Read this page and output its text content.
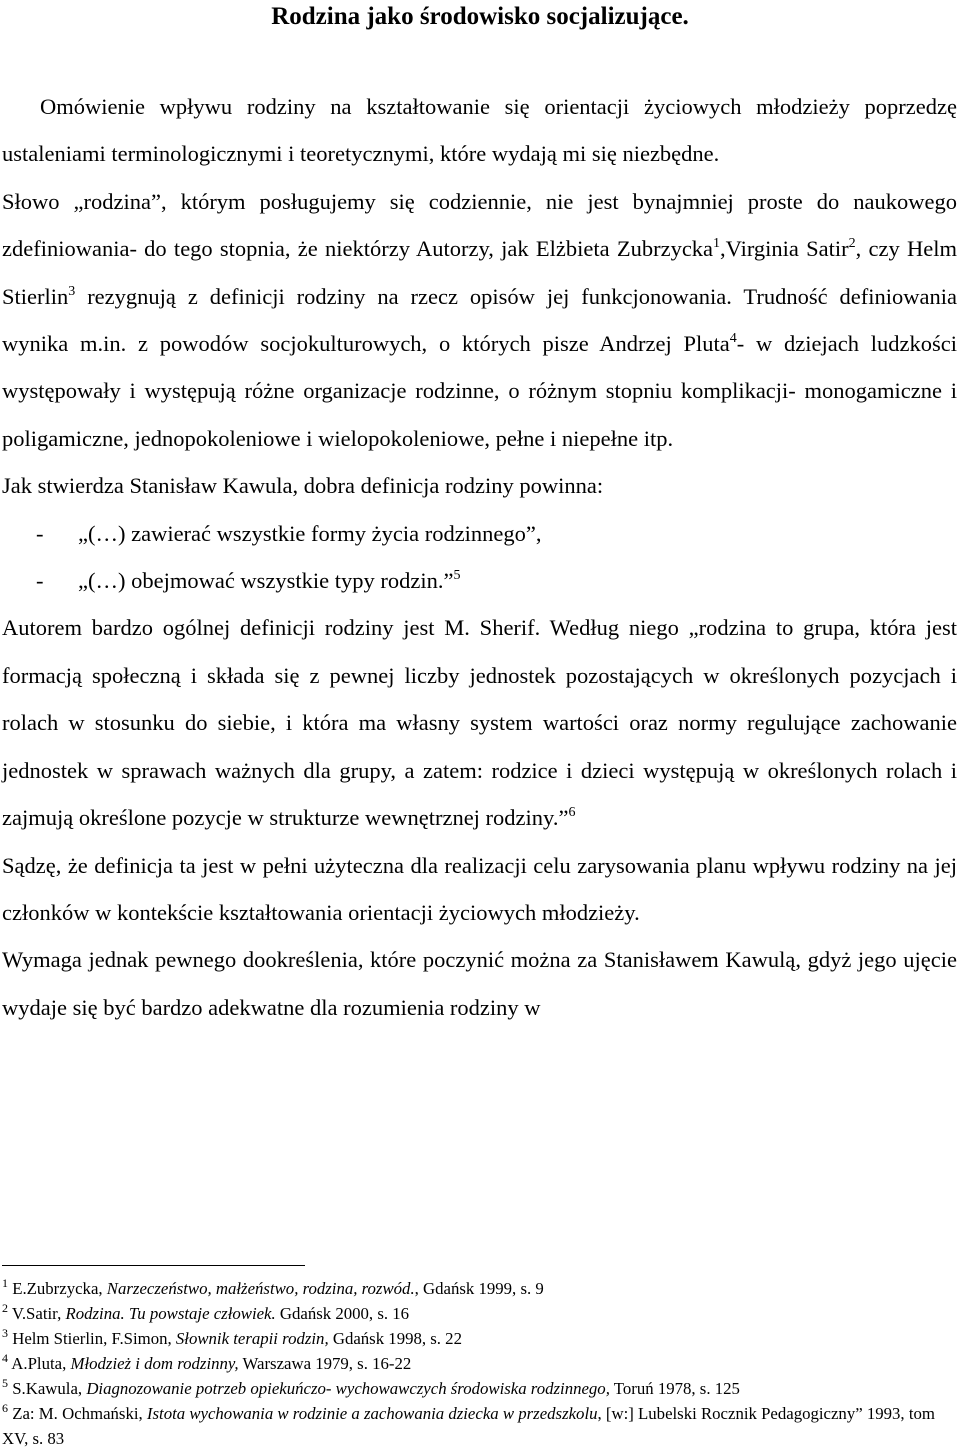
Rodzina jako środowisko socjalizujące.

Omówienie wpływu rodziny na kształtowanie się orientacji życiowych młodzieży poprzedzę ustaleniami terminologicznymi i teoretycznymi, które wydają mi się niezbędne.

Słowo „rodzina”, którym posługujemy się codziennie, nie jest bynajmniej proste do naukowego zdefiniowania- do tego stopnia, że niektórzy Autorzy, jak Elżbieta Zubrzycka$^1$,Virginia Satir$^2$, czy Helm Stierlin$^3$ rezygnują z definicji rodziny na rzecz opisów jej funkcjonowania. Trudność definiowania wynika m.in. z powodów socjokulturowych, o których pisze Andrzej Pluta$^4$- w dziejach ludzkości występowały i występują różne organizacje rodzinne, o różnym stopniu komplikacji- monogamiczne i poligamiczne, jednopokoleniowe i wielopokoleniowe, pełne i niepełne itp.

Jak stwierdza Stanisław Kawula, dobra definicja rodziny powinna:

- „(…) zawierać wszystkie formy życia rodzinnego”,

- „(…) obejmować wszystkie typy rodzin.”$^5$

Autorem bardzo ogólnej definicji rodziny jest M. Sherif. Według niego „rodzina to grupa, która jest formacją społeczną i składa się z pewnej liczby jednostek pozostających w określonych pozycjach i rolach w stosunku do siebie, i która ma własny system wartości oraz normy regulujące zachowanie jednostek w sprawach ważnych dla grupy, a zatem: rodzice i dzieci występują w określonych rolach i zajmują określone pozycje w strukturze wewnętrznej rodziny.”$^6$

Sądzę, że definicja ta jest w pełni użyteczna dla realizacji celu zarysowania planu wpływu rodziny na jej członków w kontekście kształtowania orientacji życiowych młodzieży.

Wymaga jednak pewnego dookreślenia, które poczynić można za Stanisławem Kawulą, gdyż jego ujęcie wydaje się być bardzo adekwatne dla rozumienia rodziny w

$^1$ E.Zubrzycka, Narzeczeństwo, małżeństwo, rodzina, rozwód., Gdańsk 1999, s. 9

$^2$ V.Satir, Rodzina. Tu powstaje człowiek. Gdańsk 2000, s. 16

$^3$ Helm Stierlin, F.Simon, Słownik terapii rodzin, Gdańsk 1998, s. 22

$^4$ A.Pluta, Młodzież i dom rodzinny, Warszawa 1979, s. 16-22

$^5$ S.Kawula, Diagnozowanie potrzeb opiekuńczo- wychowawczych środowiska rodzinnego, Toruń 1978, s. 125

$^6$ Za: M. Ochmański, Istota wychowania w rodzinie a zachowania dziecka w przedszkolu, [w:] Lubelski Rocznik Pedagogiczny” 1993, tom XV, s. 83
